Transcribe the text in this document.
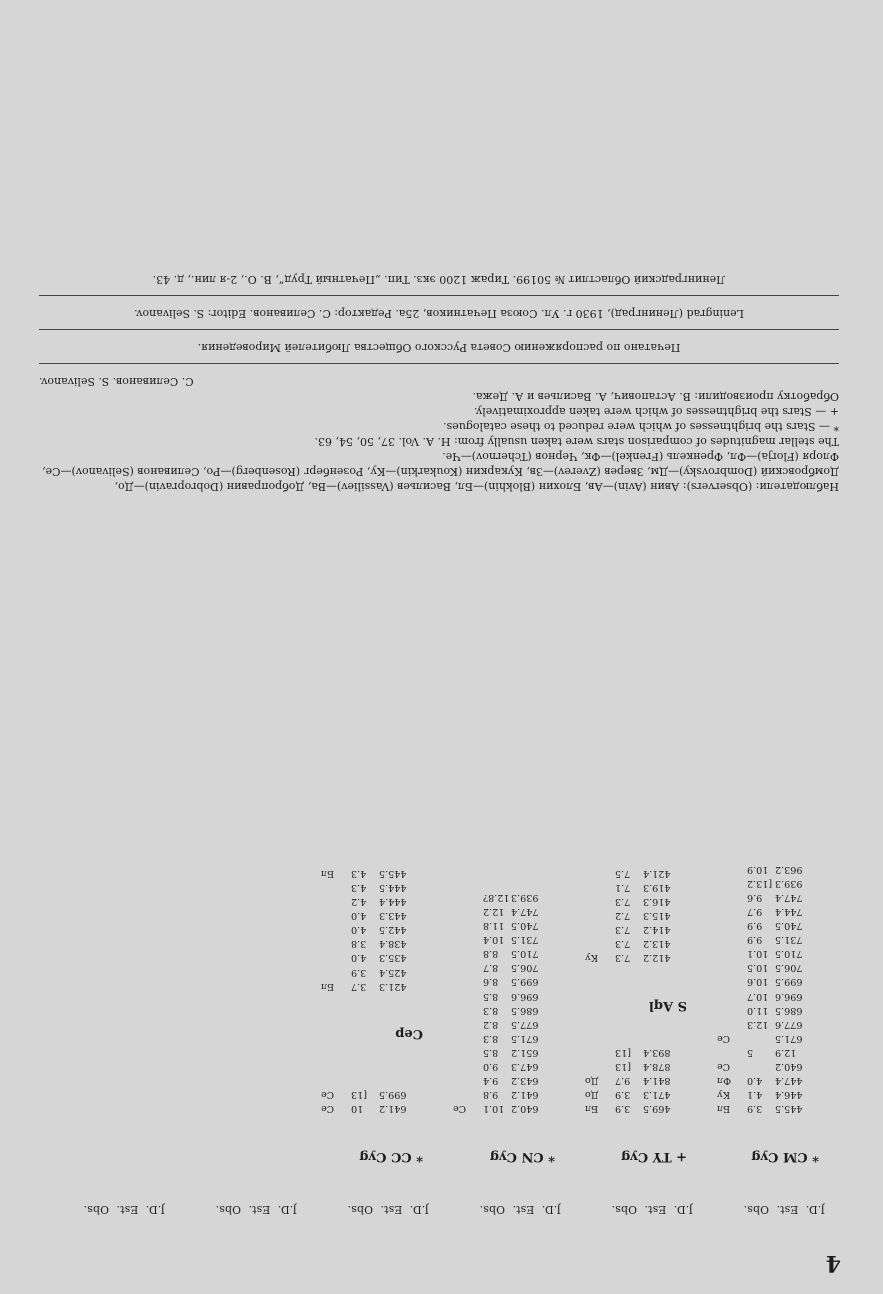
4

J.D.  Est.  Obs.

* CM Cyg

445.5
3.9
Бл
446.4
4.1
Ку
447.4
4.0
Фл
640.2
Се
12.9
5
671.5
Се
677.6
12.3
686.5
11.0
696.6
10.7
699.5
10.6
706.5
10.5
710.5
10.1
731.5
9.9
740.5
9.9
744.4
9.7
747.4
9.6
939.3
[13.2
963.2
10.9

J.D.  Est.  Obs.

+ TY Cyg

469.5
3.9
Бл
471.3
3.9
До
841.4
9.7
До
878.4
[13
893.4
[13

S Aql

412.2
7.3
Ку
413.2
7.3
414.2
7.3
415.3
7.2
416.3
7.3
419.3
7.1
421.4
7.5

J.D.  Est.  Obs.

* CN Cyg

640.2
10.1
Се
641.2
9.8
643.2
9.4
647.3
9.0
651.2
8.5
671.5
8.3
677.5
8.2
686.5
8.3
696.6
8.5
699.5
8.6
706.5
8.7
710.5
8.8
731.5
10.4
740.5
11.8
747.4
12.2
939.3
12.8?

J.D.  Est.  Obs.

* CC Cyg

641.2
10
Се
699.5
[13
Се

Cep

421.3
3.7
Бл
425.4
3.9
435.3
4.0
438.4
3.8
442.5
4.0
443.3
4.0
444.4
4.2
444.5
4.3
445.5
4.3
Бл

J.D.  Est.  Obs.

J.D.  Est.  Obs.

Наблюдатели: (Observers): Авин (Avin)—Ав, Блохин (Blokhin)—Бл, Васильев (Vassiliev)—Ва, Доброправин (Dobropravin)—До, Домбровский (Dombrovsky)—Дм, Зверев (Zverev)—Зв, Кукаркин (Koukarkin)—Ку, Розенберг (Rosenberg)—Ро, Селиванов (Selivanov)—Се, Флоря (Florja)—Фл, Френкель (Frenkel)—Фк, Чернов (Tchernov)—Че.

The stellar magnitudes of comparison stars were taken usually from: H. A. Vol. 37, 50, 54, 63.

* — Stars the brightnesses of which were reduced to these catalogues.

+ — Stars the brightnesses of which were taken approximatively.

Обработку производили: В. Астапович, А. Васильев и А. Дежа.

С. Селиванов. S. Selivanov.

Печатано по распоряжению Совета Русского Общества Любителей Мироведения.

Leningrad (Ленинград), 1930 г. Ул. Союза Печатников, 25а. Редактор: С. Селиванов. Editor: S. Selivanov.

Ленинградский Областлит № 50199. Тираж 1200 экз. Тип. „Печатный Труд“, В. О., 2-я лин., д. 43.
